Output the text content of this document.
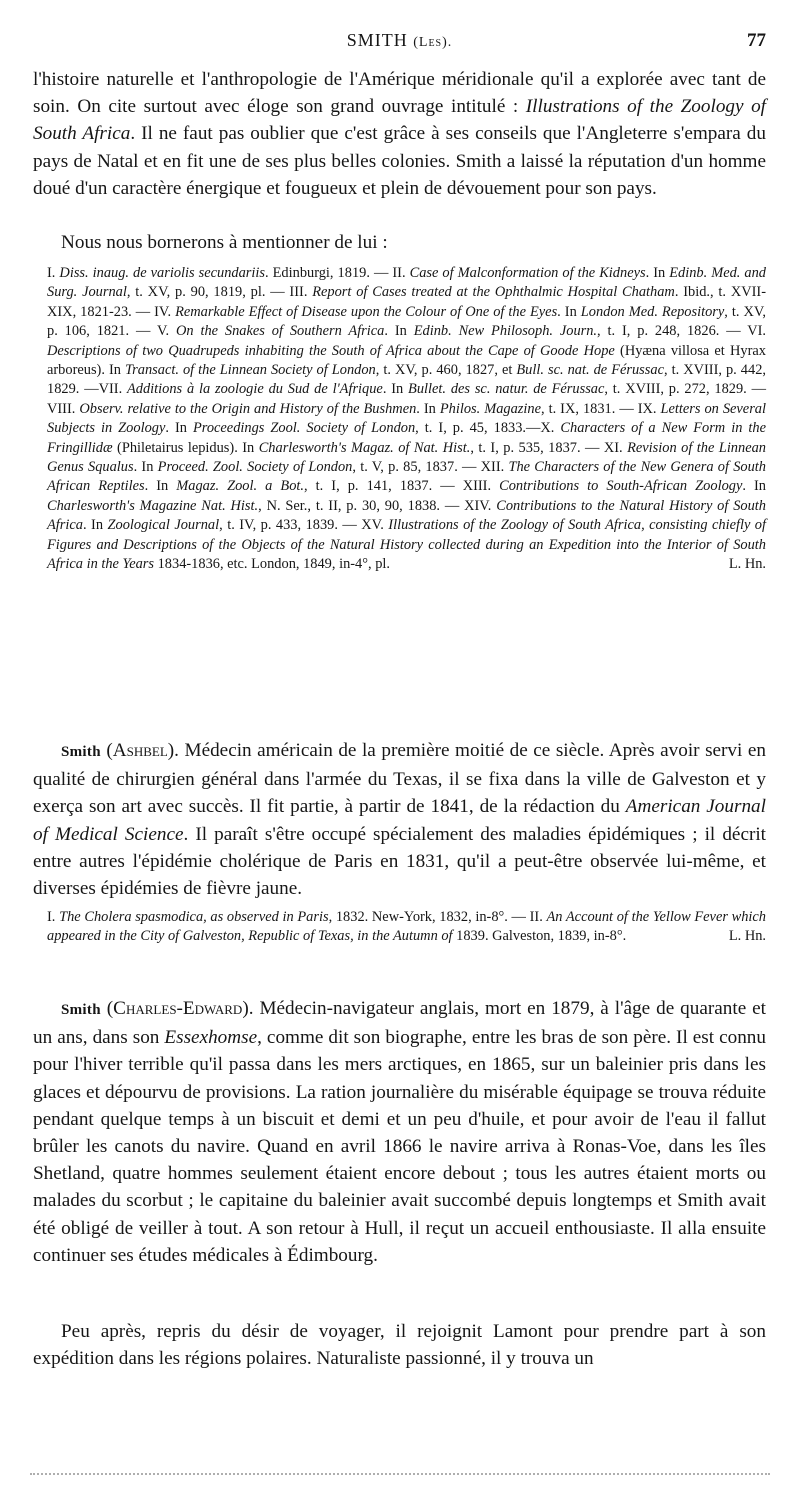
SMITH (Les).	77

l'histoire naturelle et l'anthropologie de l'Amérique méridionale qu'il a explorée avec tant de soin. On cite surtout avec éloge son grand ouvrage intitulé : Illustrations of the Zoology of South Africa. Il ne faut pas oublier que c'est grâce à ses conseils que l'Angleterre s'empara du pays de Natal et en fit une de ses plus belles colonies. Smith a laissé la réputation d'un homme doué d'un caractère énergique et fougueux et plein de dévouement pour son pays.

Nous nous bornerons à mentionner de lui :

I. Diss. inaug. de variolis secundariis. Edinburgi, 1819. — II. Case of Malconformation of the Kidneys. In Edinb. Med. and Surg. Journal, t. XV, p. 90, 1819, pl. — III. Report of Cases treated at the Ophthalmic Hospital Chatham. Ibid., t. XVII-XIX, 1821-23. — IV. Remarkable Effect of Disease upon the Colour of One of the Eyes. In London Med. Repository, t. XV, p. 106, 1821. — V. On the Snakes of Southern Africa. In Edinb. New Philosoph. Journ., t. I, p. 248, 1826. — VI. Descriptions of two Quadrupeds inhabiting the South of Africa about the Cape of Goode Hope (Hyæna villosa et Hyrax arboreus). In Transact. of the Linnean Society of London, t. XV, p. 460, 1827, et Bull. sc. nat. de Férussac, t. XVIII, p. 442, 1829. —VII. Additions à la zoologie du Sud de l'Afrique. In Bullet. des sc. natur. de Férussac, t. XVIII, p. 272, 1829. — VIII. Observ. relative to the Origin and History of the Bushmen. In Philos. Magazine, t. IX, 1831. — IX. Letters on Several Subjects in Zoology. In Proceedings Zool. Society of London, t. I, p. 45, 1833.—X. Characters of a New Form in the Fringillidæ (Philetairus lepidus). In Charlesworth's Magaz. of Nat. Hist., t. I, p. 535, 1837. — XI. Revision of the Linnean Genus Squalus. In Proceed. Zool. Society of London, t. V, p. 85, 1837. — XII. The Characters of the New Genera of South African Reptiles. In Magaz. Zool. a Bot., t. I, p. 141, 1837. — XIII. Contributions to South-African Zoology. In Charlesworth's Magazine Nat. Hist., N. Ser., t. II, p. 30, 90, 1838. — XIV. Contributions to the Natural History of South Africa. In Zoological Journal, t. IV, p. 433, 1839. — XV. Illustrations of the Zoology of South Africa, consisting chiefly of Figures and Descriptions of the Objects of the Natural History collected during an Expedition into the Interior of South Africa in the Years 1834-1836, etc. London, 1849, in-4°, pl.	L. Hn.

Smith (Ashbel). Médecin américain de la première moitié de ce siècle. Après avoir servi en qualité de chirurgien général dans l'armée du Texas, il se fixa dans la ville de Galveston et y exerça son art avec succès. Il fit partie, à partir de 1841, de la rédaction du American Journal of Medical Science. Il paraît s'être occupé spécialement des maladies épidémiques ; il décrit entre autres l'épidémie cholérique de Paris en 1831, qu'il a peut-être observée lui-même, et diverses épidémies de fièvre jaune.

I. The Cholera spasmodica, as observed in Paris, 1832. New-York, 1832, in-8°. — II. An Account of the Yellow Fever which appeared in the City of Galveston, Republic of Texas, in the Autumn of 1839. Galveston, 1839, in-8°.	L. Hn.

Smith (Charles-Edward). Médecin-navigateur anglais, mort en 1879, à l'âge de quarante et un ans, dans son Essexhomse, comme dit son biographe, entre les bras de son père. Il est connu pour l'hiver terrible qu'il passa dans les mers arctiques, en 1865, sur un baleinier pris dans les glaces et dépourvu de provisions. La ration journalière du misérable équipage se trouva réduite pendant quelque temps à un biscuit et demi et un peu d'huile, et pour avoir de l'eau il fallut brûler les canots du navire. Quand en avril 1866 le navire arriva à Ronas-Voe, dans les îles Shetland, quatre hommes seulement étaient encore debout ; tous les autres étaient morts ou malades du scorbut ; le capitaine du baleinier avait succombé depuis longtemps et Smith avait été obligé de veiller à tout. A son retour à Hull, il reçut un accueil enthousiaste. Il alla ensuite continuer ses études médicales à Édimbourg.

Peu après, repris du désir de voyager, il rejoignit Lamont pour prendre part à son expédition dans les régions polaires. Naturaliste passionné, il y trouva un
